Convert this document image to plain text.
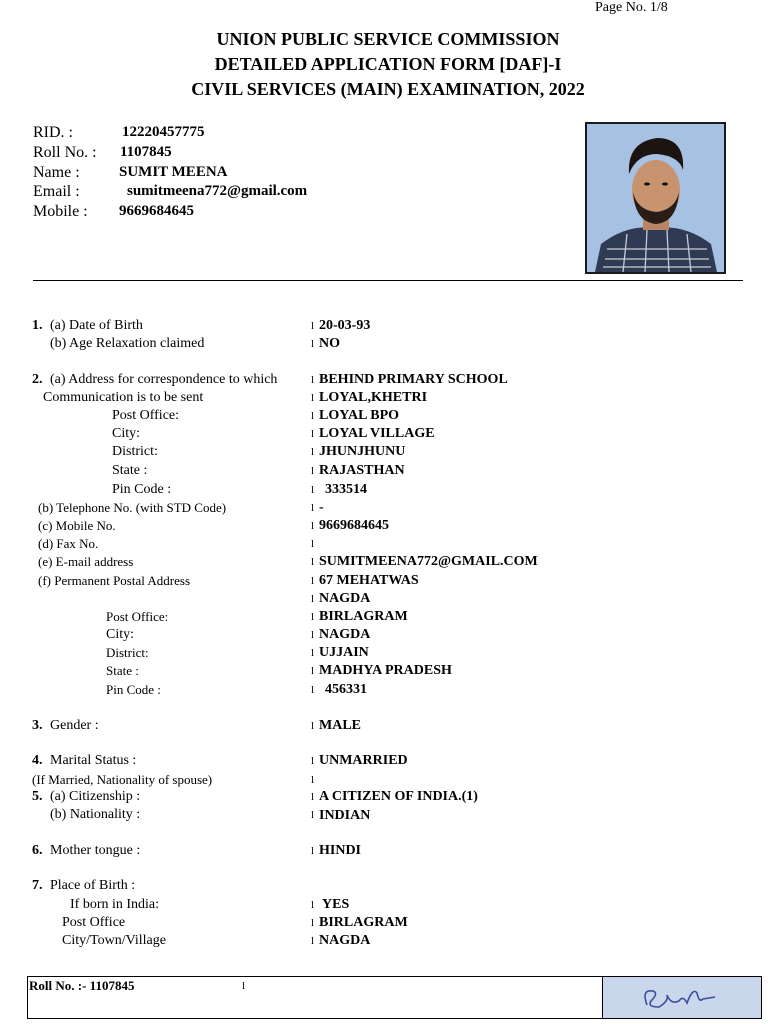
Page No. 1/8
UNION PUBLIC SERVICE COMMISSION
DETAILED APPLICATION FORM [DAF]-I
CIVIL SERVICES (MAIN) EXAMINATION, 2022
RID. :	12220457775
Roll No. : 1107845
Name :	SUMIT MEENA
Email :	sumitmeena772@gmail.com
Mobile : 9669684645
1. (a) Date of Birth	l 20-03-93
(b) Age Relaxation claimed	l NO
2. (a) Address for correspondence to which	l BEHIND PRIMARY SCHOOL
Communication is to be sent	l LOYAL,KHETRI
Post Office:	l LOYAL BPO
City:	l LOYAL VILLAGE
District:	l JHUNJHUNU
State :	l RAJASTHAN
Pin Code :	l 333514
(b) Telephone No. (with STD Code)	l -
(c) Mobile No.	l 9669684645
(d) Fax No.	l
(e) E-mail address	l SUMITMEENA772@GMAIL.COM
(f) Permanent Postal Address	l 67 MEHATWAS
l NAGDA
Post Office:	l BIRLAGRAM
City:	l NAGDA
District:	l UJJAIN
State :	l MADHYA PRADESH
Pin Code :	l 456331
3. Gender :	l MALE
4. Marital Status :	l UNMARRIED
(If Married, Nationality of spouse)	l
5. (a) Citizenship :	l A CITIZEN OF INDIA.(1)
(b) Nationality :	l INDIAN
6. Mother tongue :	l HINDI
7. Place of Birth :
If born in India:	l YES
Post Office	l BIRLAGRAM
City/Town/Village	l NAGDA
Roll No. :- 1107845	l
